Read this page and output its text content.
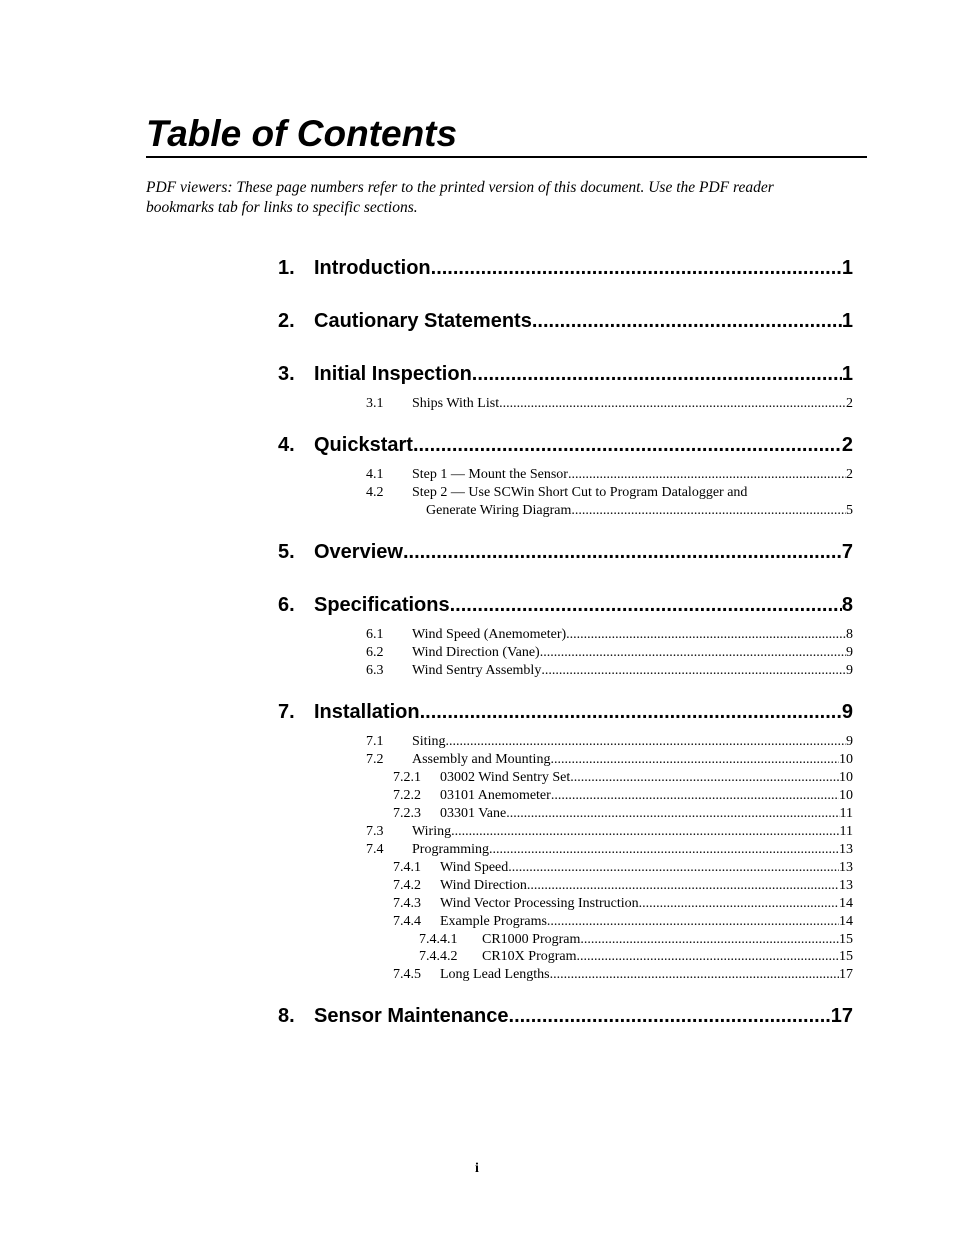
Table of Contents
PDF viewers: These page numbers refer to the printed version of this document. Use the PDF reader bookmarks tab for links to specific sections.
1. Introduction .....	1
2. Cautionary Statements .....	1
3. Initial Inspection .....	1
3.1	Ships With List .....	2
4. Quickstart .....	2
4.1	Step 1 — Mount the Sensor .....	2
4.2 Step 2 — Use SCWin Short Cut to Program Datalogger and
Generate Wiring Diagram .....	5
5. Overview .....	7
6. Specifications .....	8
6.1	Wind Speed (Anemometer) .....	8
6.2	Wind Direction (Vane) .....	9
6.3	Wind Sentry Assembly .....	9
7. Installation .....	9
7.1	Siting .....	9
7.2	Assembly and Mounting .....	10
7.2.1	03002 Wind Sentry Set .....	10
7.2.2	03101 Anemometer .....	10
7.2.3	03301 Vane .....	11
7.3	Wiring .....	11
7.4	Programming .....	13
7.4.1	Wind Speed .....	13
7.4.2	Wind Direction .....	13
7.4.3	Wind Vector Processing Instruction .....	14
7.4.4	Example Programs .....	14
7.4.4.1	CR1000 Program .....	15
7.4.4.2	CR10X Program .....	15
7.4.5	Long Lead Lengths .....	17
8. Sensor Maintenance .....	17
i
